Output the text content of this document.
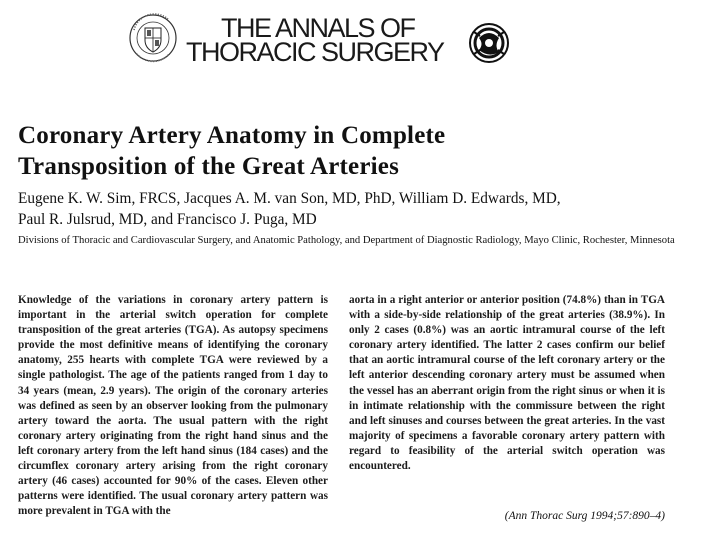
THE ANNALS OF
THORACIC SURGERY
Coronary Artery Anatomy in Complete
Transposition of the Great Arteries
Eugene K. W. Sim, FRCS, Jacques A. M. van Son, MD, PhD, William D. Edwards, MD,
Paul R. Julsrud, MD, and Francisco J. Puga, MD
Divisions of Thoracic and Cardiovascular Surgery, and Anatomic Pathology, and Department of Diagnostic Radiology, Mayo Clinic, Rochester, Minnesota

Knowledge of the variations in coronary artery pattern is important in the arterial switch operation for complete transposition of the great arteries (TGA). As autopsy specimens provide the most definitive means of identifying the coronary anatomy, 255 hearts with complete TGA were reviewed by a single pathologist. The age of the patients ranged from 1 day to 34 years (mean, 2.9 years). The origin of the coronary arteries was defined as seen by an observer looking from the pulmonary artery toward the aorta. The usual pattern with the right coronary artery originating from the right hand sinus and the left coronary artery from the left hand sinus (184 cases) and the circumflex coronary artery arising from the right coronary artery (46 cases) accounted for 90% of the cases. Eleven other patterns were identified. The usual coronary artery pattern was more prevalent in TGA with the

aorta in a right anterior or anterior position (74.8%) than in TGA with a side-by-side relationship of the great arteries (38.9%). In only 2 cases (0.8%) was an aortic intramural course of the left coronary artery identified. The latter 2 cases confirm our belief that an aortic intramural course of the left coronary artery or the left anterior descending coronary artery must be assumed when the vessel has an aberrant origin from the right sinus or when it is in intimate relationship with the commissure between the right and left sinuses and courses between the great arteries. In the vast majority of specimens a favorable coronary artery pattern with regard to feasibility of the arterial switch operation was encountered.

(Ann Thorac Surg 1994;57:890–4)
